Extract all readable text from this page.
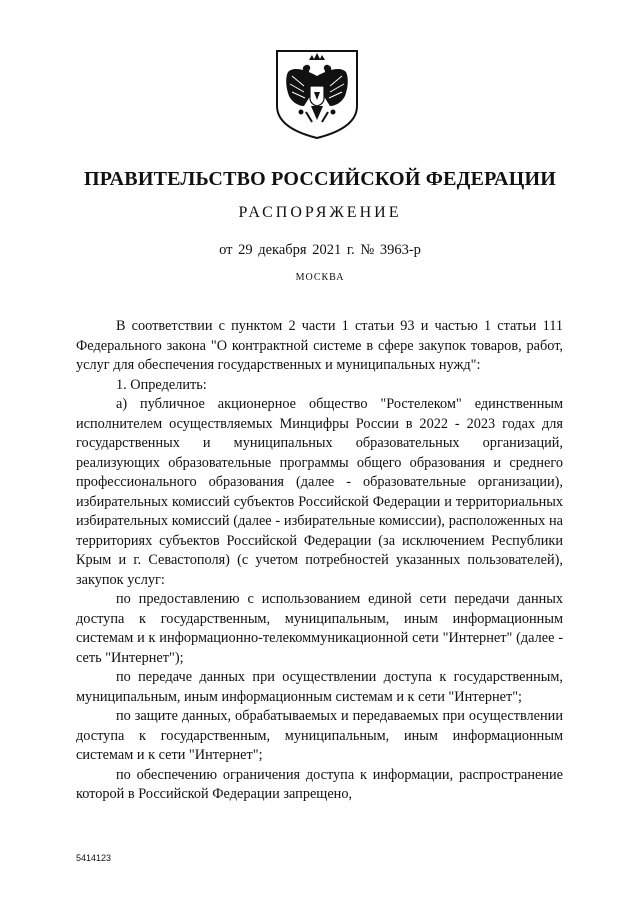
ПРАВИТЕЛЬСТВО РОССИЙСКОЙ ФЕДЕРАЦИИ
РАСПОРЯЖЕНИЕ
от 29 декабря 2021 г. № 3963-р
МОСКВА

В соответствии с пунктом 2 части 1 статьи 93 и частью 1 статьи 111 Федерального закона "О контрактной системе в сфере закупок товаров, работ, услуг для обеспечения государственных и муниципальных нужд":

1. Определить:

а) публичное акционерное общество "Ростелеком" единственным исполнителем осуществляемых Минцифры России в 2022 - 2023 годах для государственных и муниципальных образовательных организаций, реализующих образовательные программы общего образования и среднего профессионального образования (далее - образовательные организации), избирательных комиссий субъектов Российской Федерации и территориальных избирательных комиссий (далее - избирательные комиссии), расположенных на территориях субъектов Российской Федерации (за исключением Республики Крым и г. Севастополя) (с учетом потребностей указанных пользователей), закупок услуг:

по предоставлению с использованием единой сети передачи данных доступа к государственным, муниципальным, иным информационным системам и к информационно-телекоммуникационной сети "Интернет" (далее - сеть "Интернет");

по передаче данных при осуществлении доступа к государственным, муниципальным, иным информационным системам и к сети "Интернет";

по защите данных, обрабатываемых и передаваемых при осуществлении доступа к государственным, муниципальным, иным информационным системам и к сети "Интернет";

по обеспечению ограничения доступа к информации, распространение которой в Российской Федерации запрещено,

5414123
